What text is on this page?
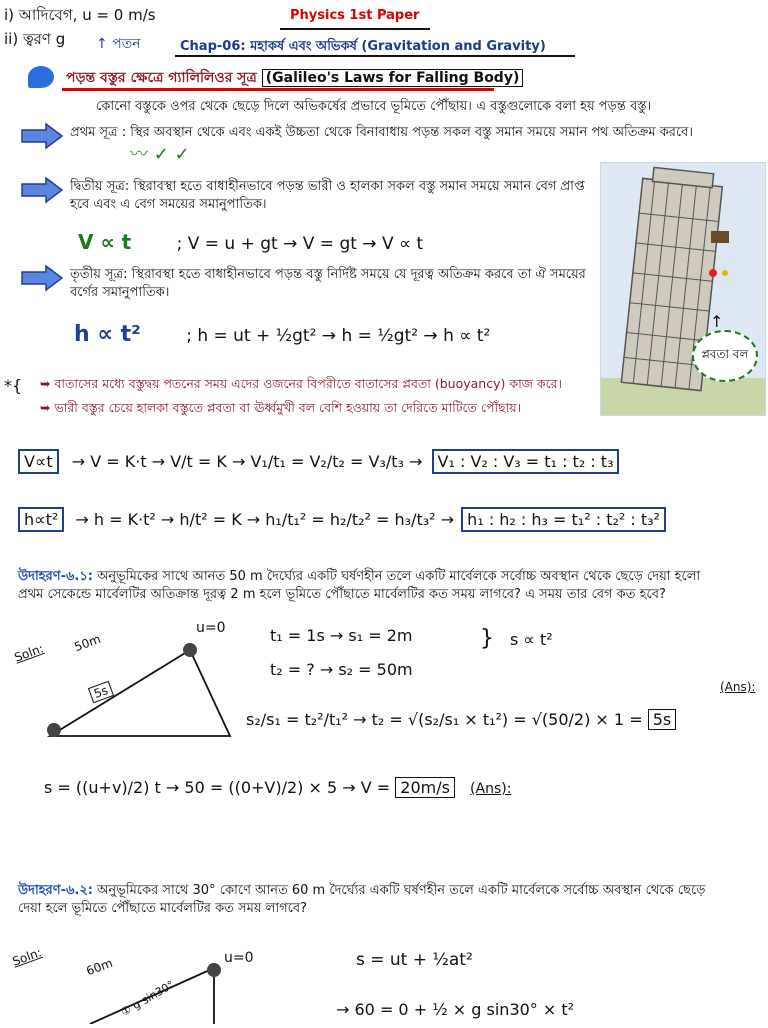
i) আদিবেগ, u = 0 m/s
ii) ত্বরণ g ↑ পতন
Physics 1st Paper
Chap-06: মহাকর্ষ এবং অভিকর্ষ (Gravitation and Gravity)
পড়ন্ত বস্তুর ক্ষেত্রে গ্যালিলিওর সূত্র (Galileo's Laws for Falling Body)
কোনো বস্তুকে ওপর থেকে ছেড়ে দিলে অভিকর্ষের প্রভাবে ভূমিতে পৌঁছায়। এ বস্তুগুলোকে বলা হয় পড়ন্ত বস্তু।
প্রথম সূত্র : স্থির অবস্থান থেকে এবং একই উচ্চতা থেকে বিনাবাধায় পড়ন্ত সকল বস্তু সমান সময়ে সমান পথ অতিক্রম করবে।
〰 ✓ ✓
দ্বিতীয় সূত্র: স্থিরাবস্থা হতে বাধাহীনভাবে পড়ন্ত ভারী ও হালকা সকল বস্তু সমান সময়ে সমান বেগ প্রাপ্ত হবে এবং এ বেগ সময়ের সমানুপাতিক।
V ∝ t	; V = u + gt → V = gt → V ∝ t
তৃতীয় সূত্র: স্থিরাবস্থা হতে বাধাহীনভাবে পড়ন্ত বস্তু নির্দিষ্ট সময়ে যে দূরত্ব অতিক্রম করবে তা ঐ সময়ের বর্গের সমানুপাতিক।
h ∝ t²	; h = ut + ½gt² → h = ½gt² → h ∝ t²
প্লবতা বল
↑
*{ ➥ বাতাসের মধ্যে বস্তুদ্বয় পতনের সময় এদের ওজনের বিপরীতে বাতাসের প্লবতা (buoyancy) কাজ করে।
➥ ভারী বস্তুর চেয়ে হালকা বস্তুতে প্লবতা বা ঊর্ধ্বমুখী বল বেশি হওয়ায় তা দেরিতে মাটিতে পৌঁছায়।
V∝t → V = K·t → V/t = K → V₁/t₁ = V₂/t₂ = V₃/t₃ → V₁ : V₂ : V₃ = t₁ : t₂ : t₃
h∝t² → h = K·t² → h/t² = K → h₁/t₁² = h₂/t₂² = h₃/t₃² → h₁ : h₂ : h₃ = t₁² : t₂² : t₃²
উদাহরণ-৬.১: অনুভূমিকের সাথে আনত 50 m দৈর্ঘ্যের একটি ঘর্ষণহীন তলে একটি মার্বেলকে সর্বোচ্চ অবস্থান থেকে ছেড়ে দেয়া হলো প্রথম সেকেন্ডে মার্বেলটির অতিক্রান্ত দূরত্ব 2 m হলে ভূমিতে পৌঁছাতে মার্বেলটির কত সময় লাগবে? এ সময় তার বেগ কত হবে?
Soln: 50m
5s
u=0	t₁ = 1s → s₁ = 2m
t₂ = ? → s₂ = 50m
} s ∝ t²
(Ans):
s₂/s₁ = t₂²/t₁² → t₂ = √(s₂/s₁ × t₁²) = √(50/2) × 1 = 5s
s = ((u+v)/2) t → 50 = ((0+V)/2) × 5 → V = 20m/s (Ans):
উদাহরণ-৬.২: অনুভূমিকের সাথে 30° কোণে আনত 60 m দৈর্ঘ্যের একটি ঘর্ষণহীন তলে একটি মার্বেলকে সর্বোচ্চ অবস্থান থেকে ছেড়ে দেয়া হলে ভূমিতে পৌঁছাতে মার্বেলটির কত সময় লাগবে?
Soln:	60m	u=0
① g sin30°
s = ut + ½at²
→ 60 = 0 + ½ × g sin30° × t²
